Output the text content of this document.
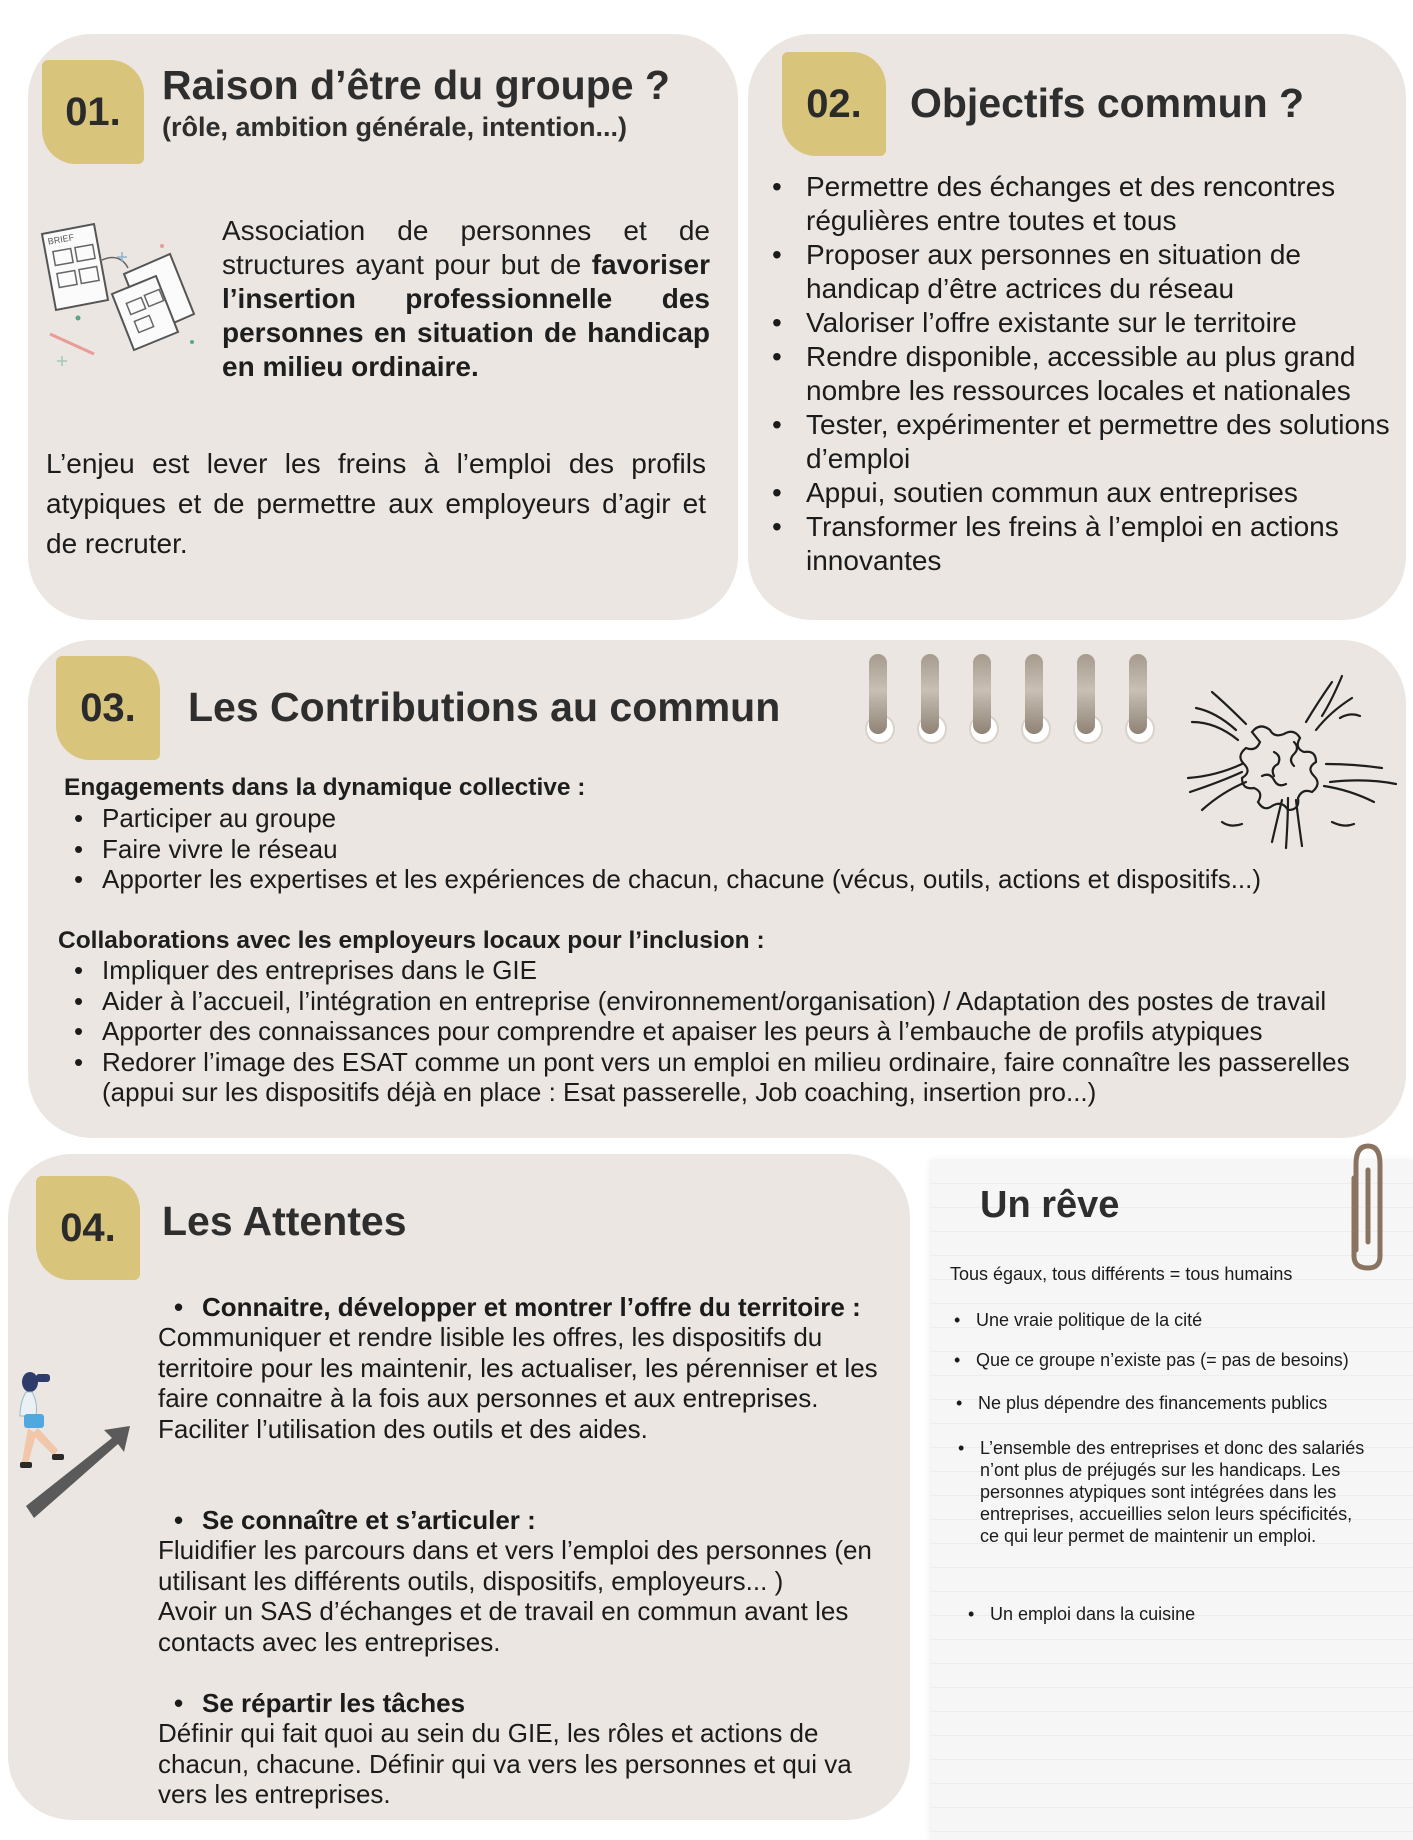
01.
Raison d’être du groupe ?
(rôle, ambition générale, intention...)
BRIEF	Association de personnes et de structures ayant pour but de favoriser l’insertion professionnelle des personnes en situation de handicap en milieu ordinaire.
L’enjeu est lever les freins à l’emploi des profils atypiques et de permettre aux employeurs d’agir et de recruter.
02.	Objectifs commun ?
• Permettre des échanges et des rencontres régulières entre toutes et tous
• Proposer aux personnes en situation de handicap d’être actrices du réseau
• Valoriser l’offre existante sur le territoire
• Rendre disponible, accessible au plus grand nombre les ressources locales et nationales
• Tester, expérimenter et permettre des solutions d’emploi
• Appui, soutien commun aux entreprises
• Transformer les freins à l’emploi en actions innovantes
03.	Les Contributions au commun
Engagements dans la dynamique collective :
• Participer au groupe
• Faire vivre le réseau
• Apporter les expertises et les expériences de chacun, chacune (vécus, outils, actions et dispositifs...)
Collaborations avec les employeurs locaux pour l’inclusion :
• Impliquer des entreprises dans le GIE
• Aider à l’accueil, l’intégration en entreprise (environnement/organisation) / Adaptation des postes de travail
• Apporter des connaissances pour comprendre et apaiser les peurs à l’embauche de profils atypiques
• Redorer l’image des ESAT comme un pont vers un emploi en milieu ordinaire, faire connaître les passerelles (appui sur les dispositifs déjà en place : Esat passerelle, Job coaching, insertion pro...)
04.	Les Attentes
• Connaitre, développer et montrer l’offre du territoire :
Communiquer et rendre lisible les offres, les dispositifs du territoire pour les maintenir, les actualiser, les pérenniser et les faire connaitre à la fois aux personnes et aux entreprises.
Faciliter l’utilisation des outils et des aides.
• Se connaître et s’articuler :
Fluidifier les parcours dans et vers l’emploi des personnes (en utilisant les différents outils, dispositifs, employeurs... )
Avoir un SAS d’échanges et de travail en commun avant les contacts avec les entreprises.
• Se répartir les tâches
Définir qui fait quoi au sein du GIE, les rôles et actions de chacun, chacune. Définir qui va vers les personnes et qui va vers les entreprises.
Un rêve
Tous égaux, tous différents = tous humains
• Une vraie politique de la cité
• Que ce groupe n’existe pas (= pas de besoins)
• Ne plus dépendre des financements publics
• L’ensemble des entreprises et donc des salariés n’ont plus de préjugés sur les handicaps. Les personnes atypiques sont intégrées dans les entreprises, accueillies selon leurs spécificités, ce qui leur permet de maintenir un emploi.
• Un emploi dans la cuisine
